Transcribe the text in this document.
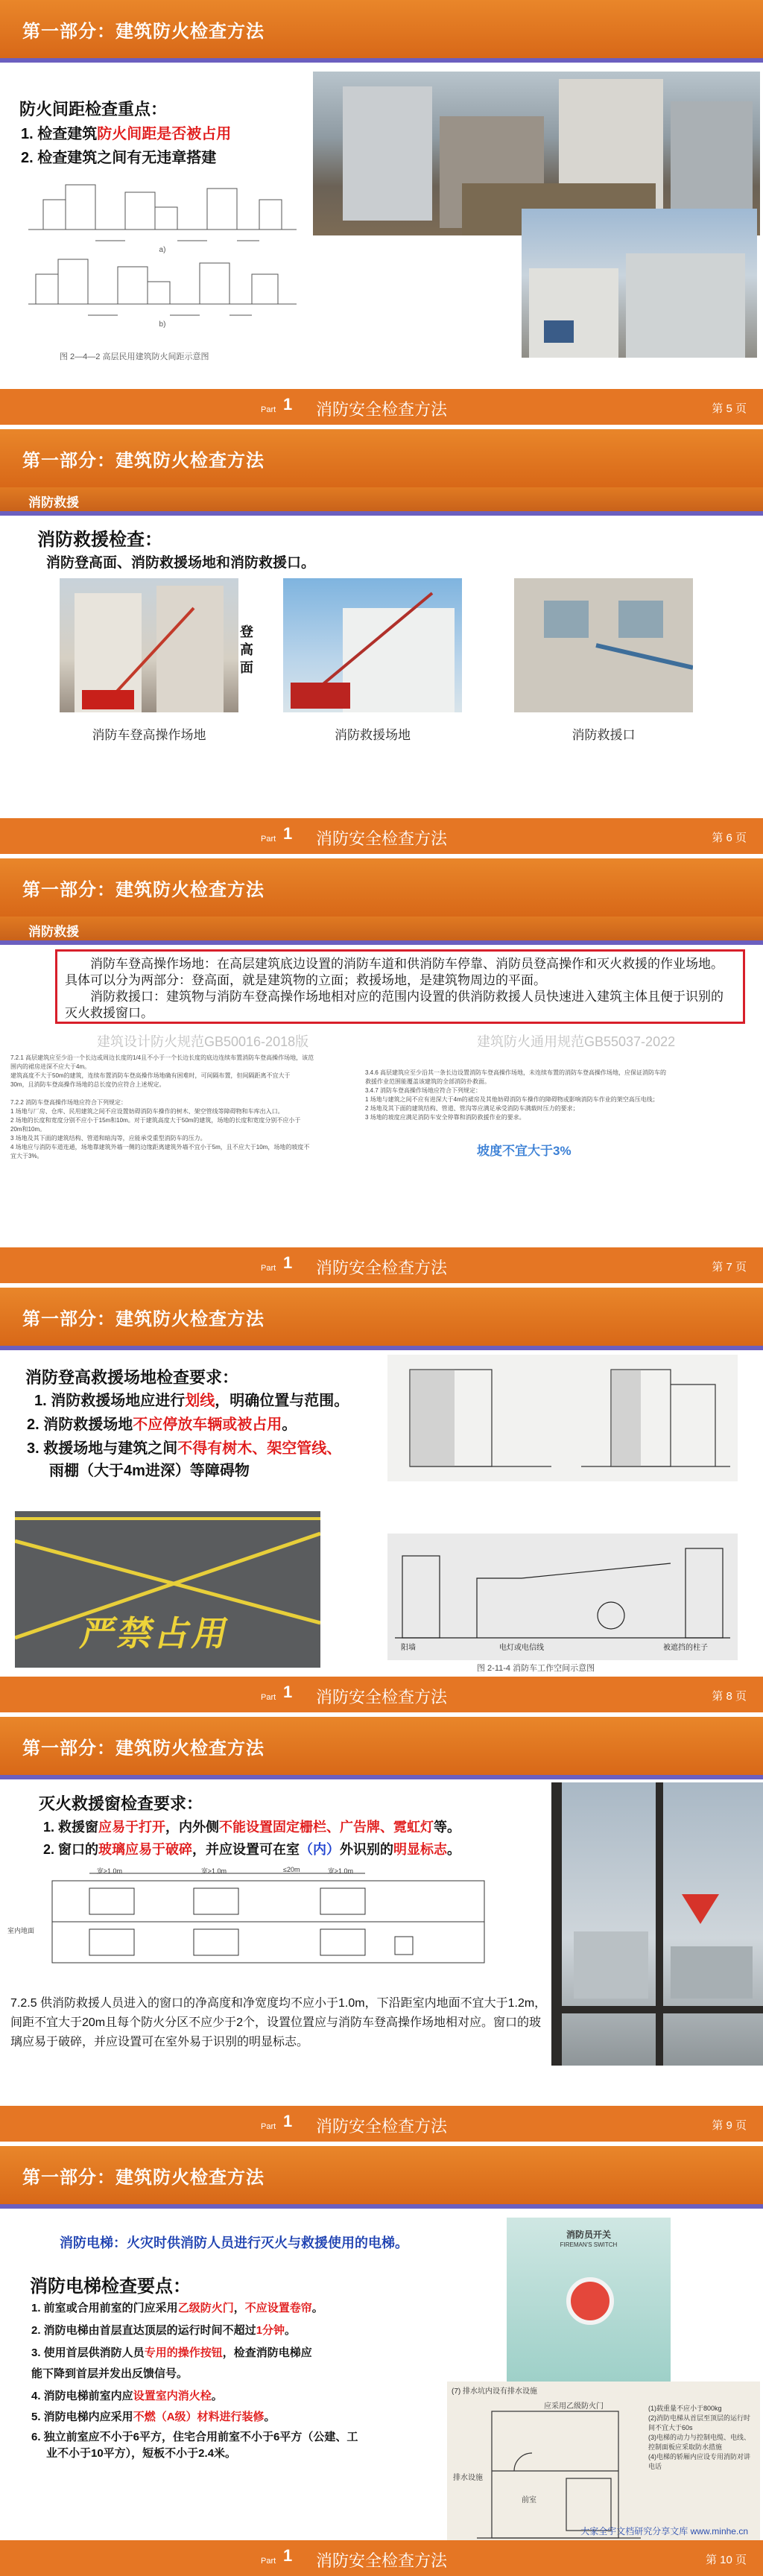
第一部分：建筑防火检查方法
防火间距检查重点：
1. 检查建筑防火间距是否被占用
2. 检查建筑之间有无违章搭建
a)
b)
图 2—4—2 高层民用建筑防火间距示意图
Part 1	消防安全检查方法	第 5 页
第一部分：建筑防火检查方法
消防救援
消防救援检查：
消防登高面、消防救援场地和消防救援口。
登高面
消防车登高操作场地	消防救援场地	消防救援口
Part 1	消防安全检查方法	第 6 页
第一部分：建筑防火检查方法
消防救援
消防车登高操作场地：在高层建筑底边设置的消防车道和供消防车停靠、消防员登高操作和灭火救援的作业场地。具体可以分为两部分：登高面，就是建筑物的立面；救援场地，是建筑物周边的平面。
消防救援口：建筑物与消防车登高操作场地相对应的范围内设置的供消防救援人员快速进入建筑主体且便于识别的灭火救援窗口。
建筑设计防火规范GB50016-2018版	建筑防火通用规范GB55037-2022
7.2.1 高层建筑应至少沿一个长边或周边长度的1/4且不小于一个长边长度的底边连续布置消防车登高操作场地，该范
围内的裙房进深不应大于4m。
建筑高度不大于50m的建筑，连续布置消防车登高操作场地确有困难时，可间隔布置，但间隔距离不宜大于
30m，且消防车登高操作场地的总长度仍应符合上述规定。

7.2.2 消防车登高操作场地应符合下列规定：
1 场地与厂房、仓库、民用建筑之间不应设置妨碍消防车操作的树木、架空管线等障碍物和车库出入口。
2 场地的长度和宽度分别不应小于15m和10m。对于建筑高度大于50m的建筑，场地的长度和宽度分别不应小于
20m和10m。
3 场地及其下面的建筑结构、管道和暗沟等，应能承受重型消防车的压力。
4 场地应与消防车道连通，场地靠建筑外墙一侧的边缘距离建筑外墙不宜小于5m，且不应大于10m，场地的坡度不
宜大于3%。
3.4.6 高层建筑应至少沿其一条长边设置消防车登高操作场地，未连续布置的消防车登高操作场地，应保证消防车的
救援作业范围能覆盖该建筑的全部消防扑救面。
3.4.7 消防车登高操作场地应符合下列规定：
1 场地与建筑之间不应有进深大于4m的裙房及其他妨碍消防车操作的障碍物或影响消防车作业的架空高压电线；
2 场地及其下面的建筑结构、管道、管沟等应满足承受消防车满载时压力的要求；
3 场地的坡度应满足消防车安全停靠和消防救援作业的要求。
坡度不宜大于3%
Part 1	消防安全检查方法	第 7 页
第一部分：建筑防火检查方法
消防登高救援场地检查要求：
1. 消防救援场地应进行划线，明确位置与范围。
2. 消防救援场地不应停放车辆或被占用。
3. 救援场地与建筑之间不得有树木、架空管线、
雨棚（大于4m进深）等障碍物
严禁占用	阳墙	电灯或电信线	被遮挡的柱子
图 2-11-4 消防车工作空间示意图
Part 1	消防安全检查方法	第 8 页
第一部分：建筑防火检查方法
灭火救援窗检查要求：
1. 救援窗应易于打开，内外侧不能设置固定栅栏、广告牌、霓虹灯等。
2. 窗口的玻璃应易于破碎，并应设置可在室（内）外识别的明显标志。
宽≥1.0m	宽≥1.0m	宽≥1.0m
≤20m
室内地面
7.2.5 供消防救援人员进入的窗口的净高度和净宽度均不应小于1.0m，下沿距室内地面不宜大于1.2m，间距不宜大于20m且每个防火分区不应少于2个，设置位置应与消防车登高操作场地相对应。窗口的玻璃应易于破碎，并应设置可在室外易于识别的明显标志。
Part 1	消防安全检查方法	第 9 页
第一部分：建筑防火检查方法
消防电梯：火灾时供消防人员进行灭火与救援使用的电梯。
消防电梯检查要点：
1. 前室或合用前室的门应采用乙级防火门，不应设置卷帘。
2. 消防电梯由首层直达顶层的运行时间不超过1分钟。
3. 使用首层供消防人员专用的操作按钮，检查消防电梯应
能下降到首层并发出反馈信号。
4. 消防电梯前室内应设置室内消火栓。
5. 消防电梯内应采用不燃（A级）材料进行装修。
6. 独立前室应不小于6平方，住宅合用前室不小于6平方（公建、工
业不小于10平方），短板不小于2.4米。
消防员开关
FIREMAN'S SWITCH
(7) 排水坑内设有排水设施
应采用乙级防火门	(1)载重量不应小于800kg
(2)消防电梯从首层至顶层的运行时间不宜大于60s
(3)电梯的动力与控制电缆、电线、控制面板应采取防水措施
(4)电梯的轿厢内应设专用消防对讲电话
前室
排水设施
Part 1	消防安全检查方法	第 10 页
大家全宇文档研究分享文库 www.minhe.cn
